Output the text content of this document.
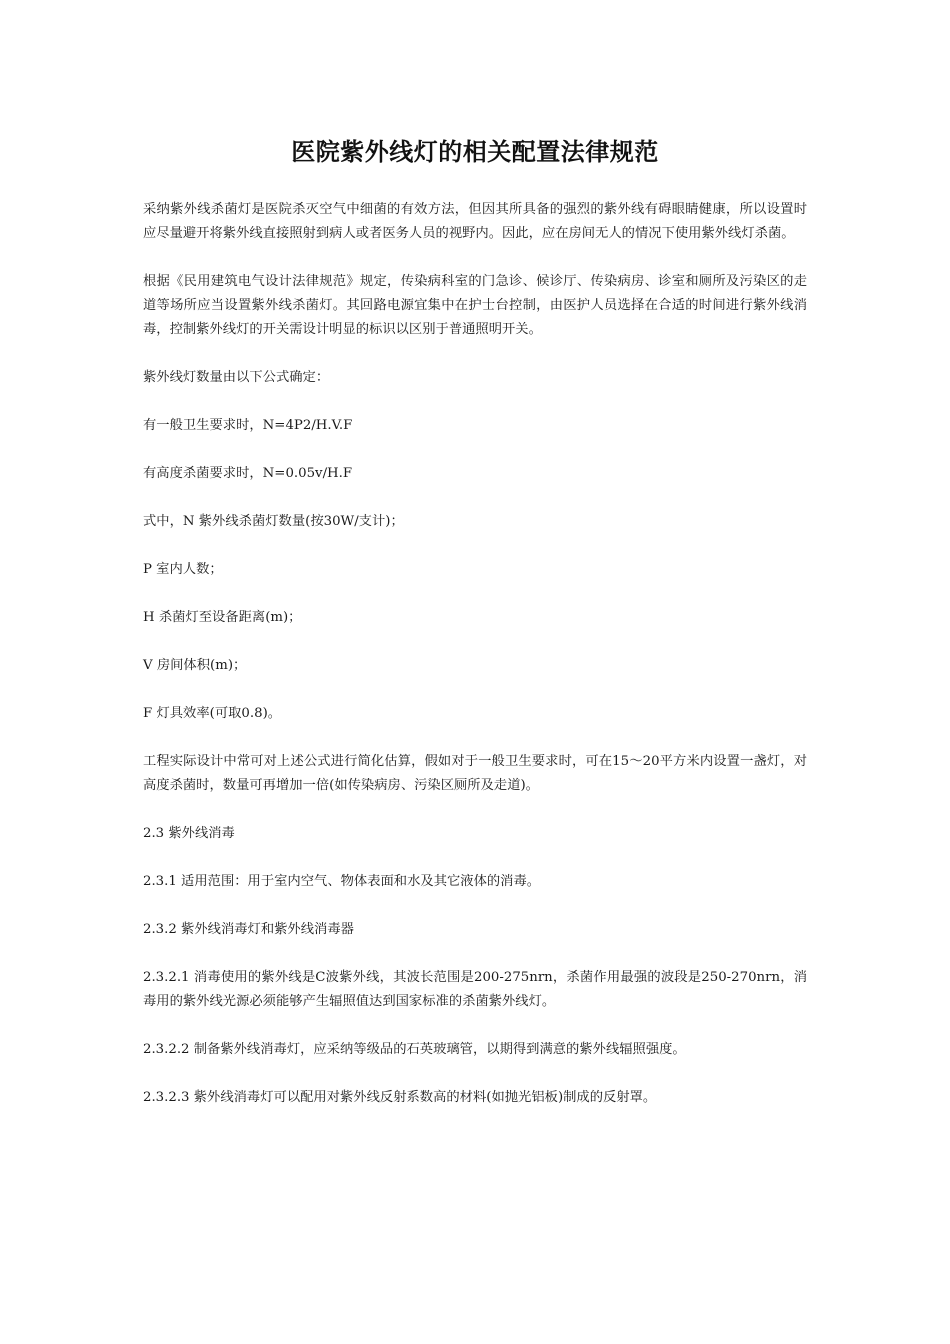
医院紫外线灯的相关配置法律规范

采纳紫外线杀菌灯是医院杀灭空气中细菌的有效方法，但因其所具备的强烈的紫外线有碍眼睛健康，所以设置时应尽量避开将紫外线直接照射到病人或者医务人员的视野内。因此，应在房间无人的情况下使用紫外线灯杀菌。

根据《民用建筑电气设计法律规范》规定，传染病科室的门急诊、候诊厅、传染病房、诊室和厕所及污染区的走道等场所应当设置紫外线杀菌灯。其回路电源宜集中在护士台控制，由医护人员选择在合适的时间进行紫外线消毒，控制紫外线灯的开关需设计明显的标识以区别于普通照明开关。

紫外线灯数量由以下公式确定：

有一般卫生要求时，N=4P2/H.V.F

有高度杀菌要求时，N=0.05v/H.F

式中，N 紫外线杀菌灯数量(按30W/支计)；

P 室内人数；

H 杀菌灯至设备距离(m)；

V 房间体积(m)；

F 灯具效率(可取0.8)。

工程实际设计中常可对上述公式进行简化估算，假如对于一般卫生要求时，可在15～20平方米内设置一盏灯，对高度杀菌时，数量可再增加一倍(如传染病房、污染区厕所及走道)。

2.3 紫外线消毒

2.3.1 适用范围：用于室内空气、物体表面和水及其它液体的消毒。

2.3.2 紫外线消毒灯和紫外线消毒器

2.3.2.1 消毒使用的紫外线是C波紫外线，其波长范围是200-275nrn，杀菌作用最强的波段是250-270nrn，消毒用的紫外线光源必须能够产生辐照值达到国家标准的杀菌紫外线灯。

2.3.2.2 制备紫外线消毒灯，应采纳等级品的石英玻璃管，以期得到满意的紫外线辐照强度。

2.3.2.3 紫外线消毒灯可以配用对紫外线反射系数高的材料(如抛光铝板)制成的反射罩。
